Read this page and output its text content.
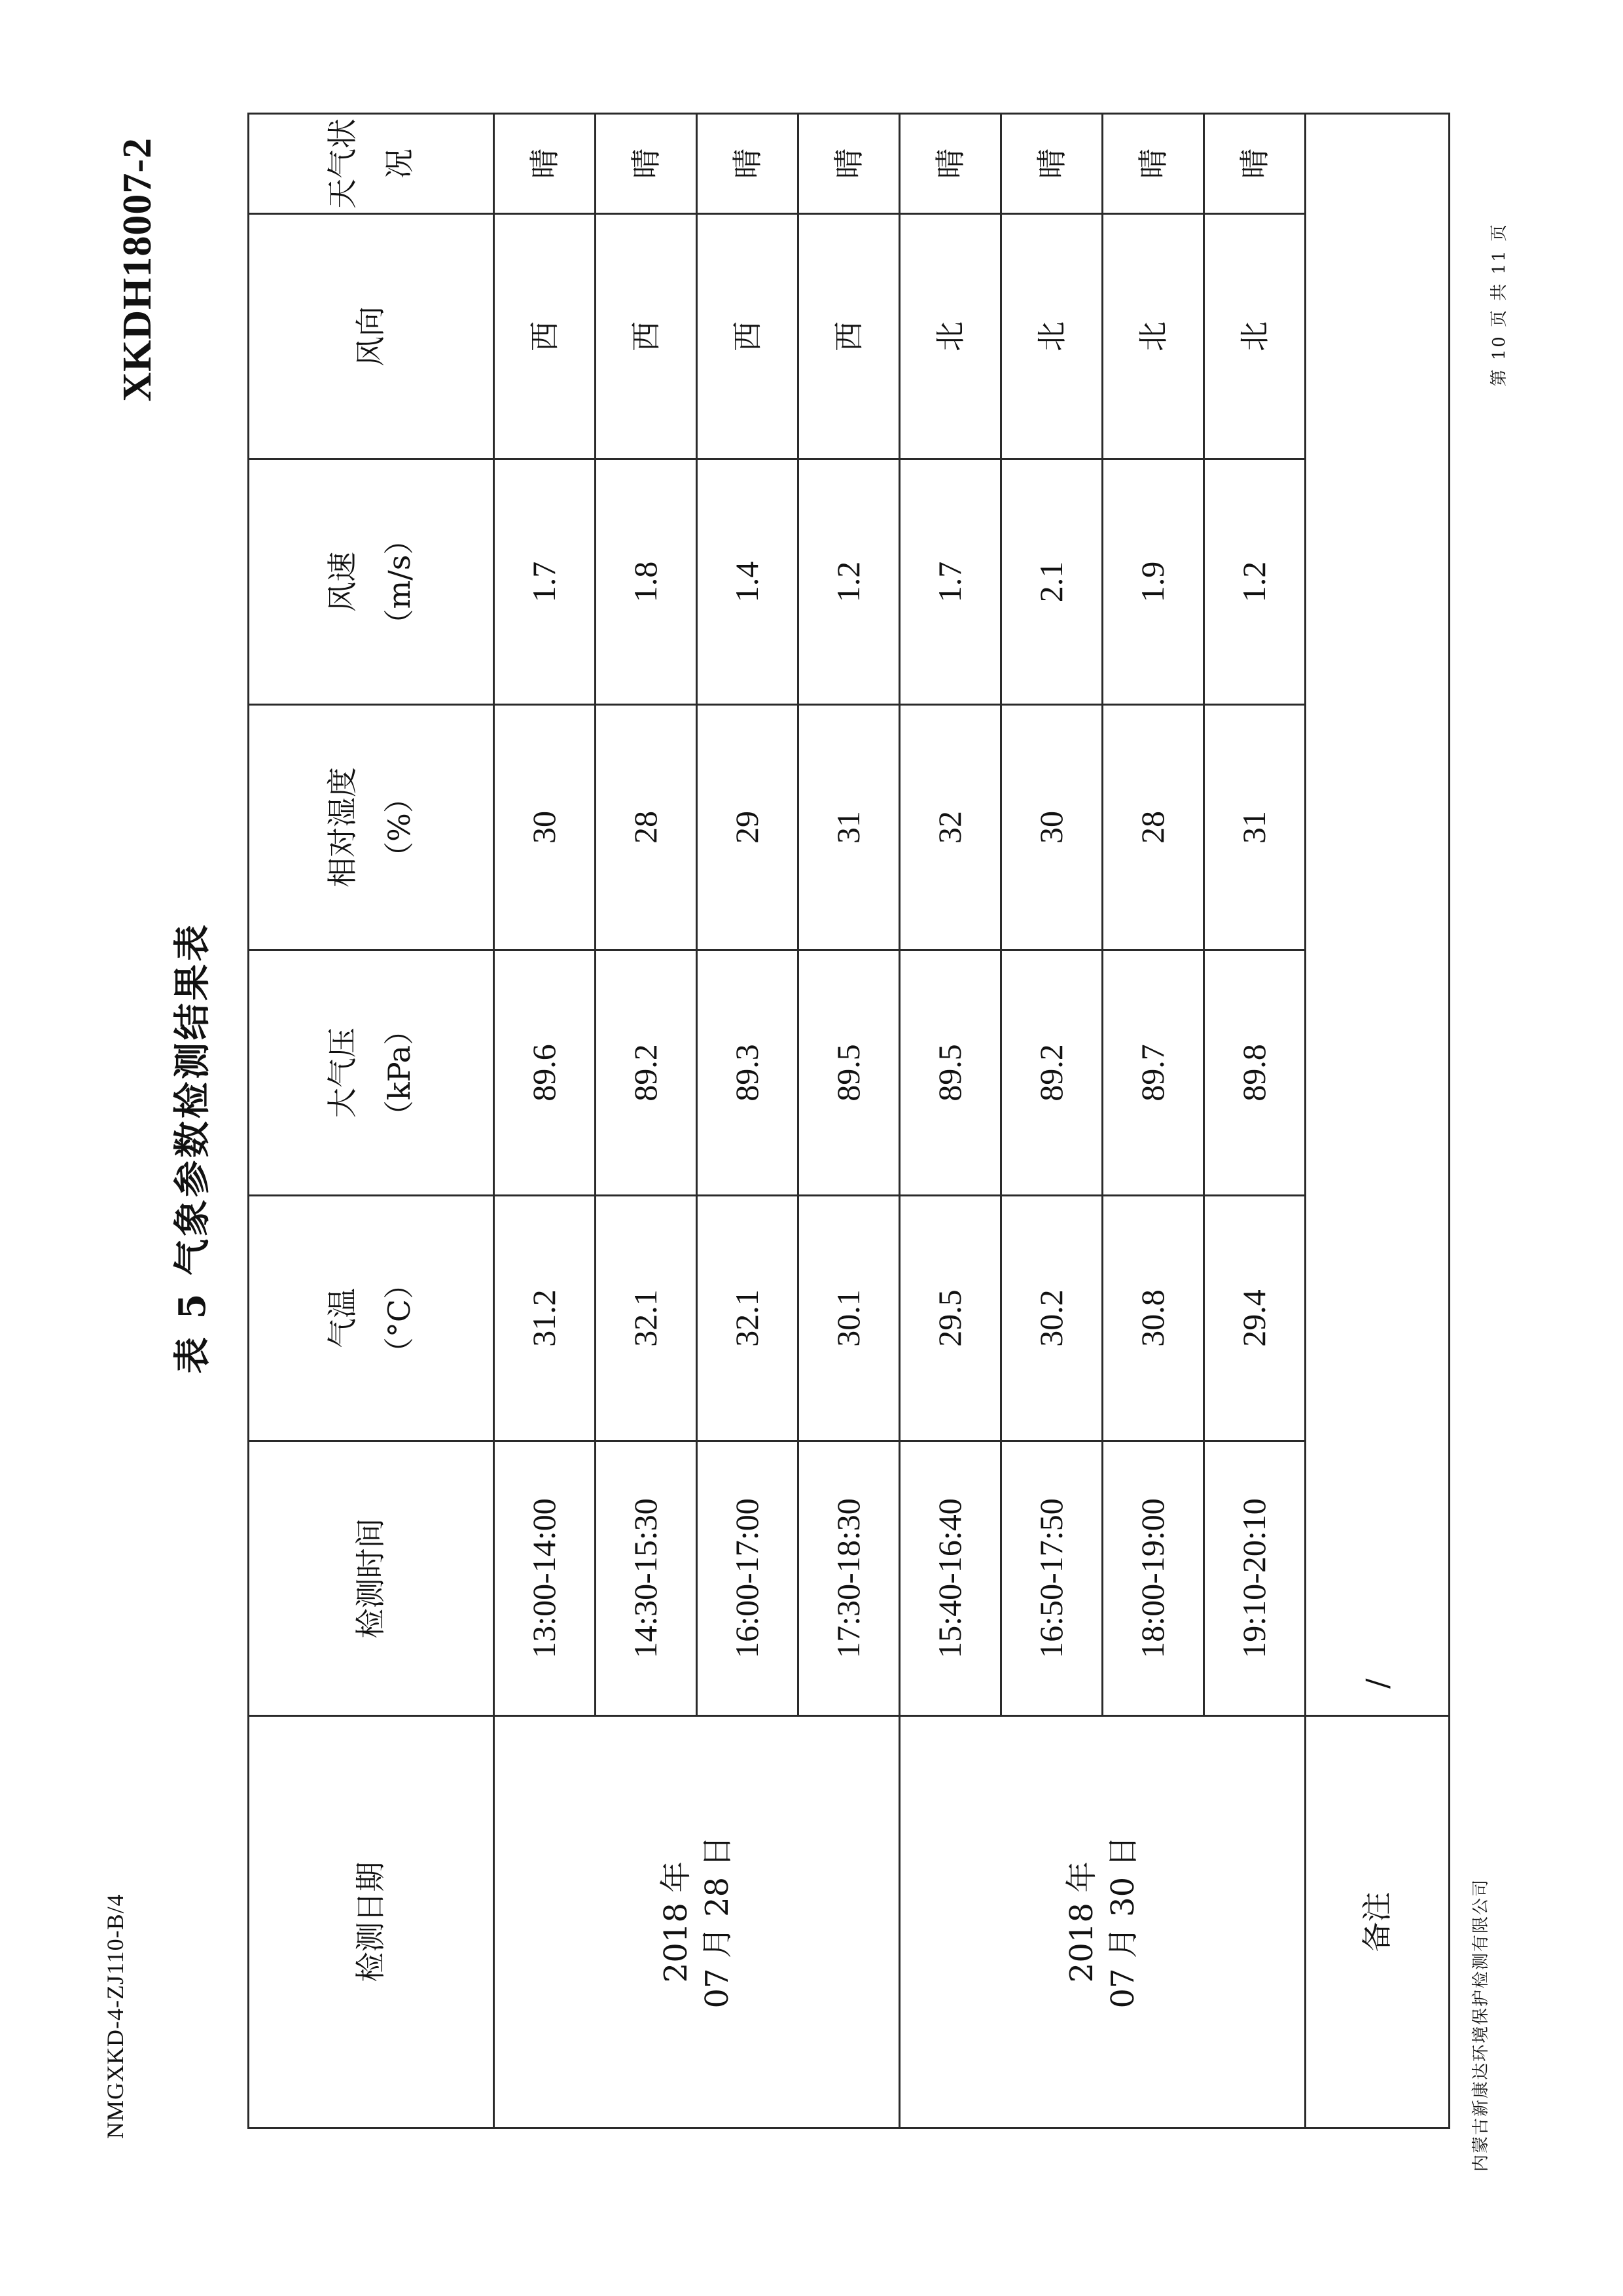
NMGXKD-4-ZJ110-B/4
XKDH18007-2
表 5 气象参数检测结果表
检测日期	检测时间	气温 （°C）	大气压 （kPa）	相对湿度 （%）	风速 （m/s）	风向	天气状况

2018 年 07 月 28 日	13:00-14:00	31.2	89.6	30	1.7	西	晴
	14:30-15:30	32.1	89.2	28	1.8	西	晴
	16:00-17:00	32.1	89.3	29	1.4	西	晴
	17:30-18:30	30.1	89.5	31	1.2	西	晴

2018 年 07 月 30 日	15:40-16:40	29.5	89.5	32	1.7	北	晴
	16:50-17:50	30.2	89.2	30	2.1	北	晴
	18:00-19:00	30.8	89.7	28	1.9	北	晴
	19:10-20:10	29.4	89.8	31	1.2	北	晴
备注	/						
内蒙古新康达环境保护检测有限公司
第 10 页 共 11 页
